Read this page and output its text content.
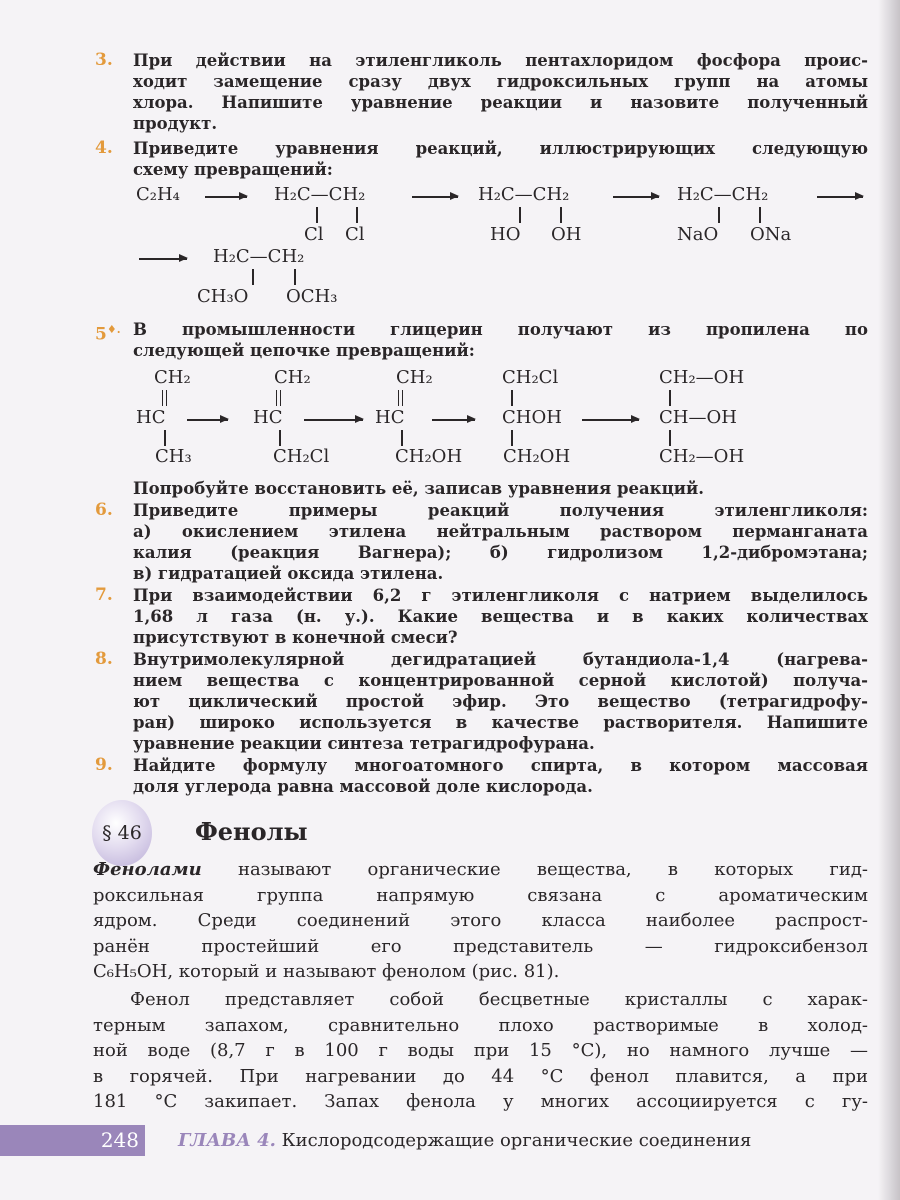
3. При действии на этиленгликоль пентахлоридом фосфора проис-
ходит замещение сразу двух гидроксильных групп на атомы
хлора. Напишите уравнение реакции и назовите полученный
продукт.
4. Приведите уравнения реакций, иллюстрирующих следующую
схему превращений:
C₂H₄	H₂C—CH₂
Cl Cl
H₂C—CH₂
HO OH
H₂C—CH₂
NaO ONa
H₂C—CH₂
CH₃O OCH₃
5♦. В промышленности глицерин получают из пропилена по
следующей цепочке превращений:
CH₂
HC
CH₃
CH₂
HC
CH₂Cl
CH₂
HC
CH₂OH
CH₂Cl
CHOH
CH₂OH
CH₂—OH
CH—OH
CH₂—OH
Попробуйте восстановить её, записав уравнения реакций.
6. Приведите примеры реакций получения этиленгликоля:
а) окислением этилена нейтральным раствором перманганата
калия (реакция Вагнера); б) гидролизом 1,2-дибромэтана;
в) гидратацией оксида этилена.
7. При взаимодействии 6,2 г этиленгликоля с натрием выделилось
1,68 л газа (н. у.). Какие вещества и в каких количествах
присутствуют в конечной смеси?
8. Внутримолекулярной дегидратацией бутандиола-1,4 (нагрева-
нием вещества с концентрированной серной кислотой) получа-
ют циклический простой эфир. Это вещество (тетрагидрофу-
ран) широко используется в качестве растворителя. Напишите
уравнение реакции синтеза тетрагидрофурана.
9. Найдите формулу многоатомного спирта, в котором массовая
доля углерода равна массовой доле кислорода.
§ 46	Фенолы
Фенолами называют органические вещества, в которых гид-
роксильная группа напрямую связана с ароматическим
ядром. Среди соединений этого класса наиболее распрост-
ранён простейший его представитель — гидроксибензол
C₆H₅OH, который и называют фенолом (рис. 81).
Фенол представляет собой бесцветные кристаллы с харак-
терным запахом, сравнительно плохо растворимые в холод-
ной воде (8,7 г в 100 г воды при 15 °С), но намного лучше —
в горячей. При нагревании до 44 °С фенол плавится, а при
181 °С закипает. Запах фенола у многих ассоциируется с гу-
248 ГЛАВА 4. Кислородсодержащие органические соединения
